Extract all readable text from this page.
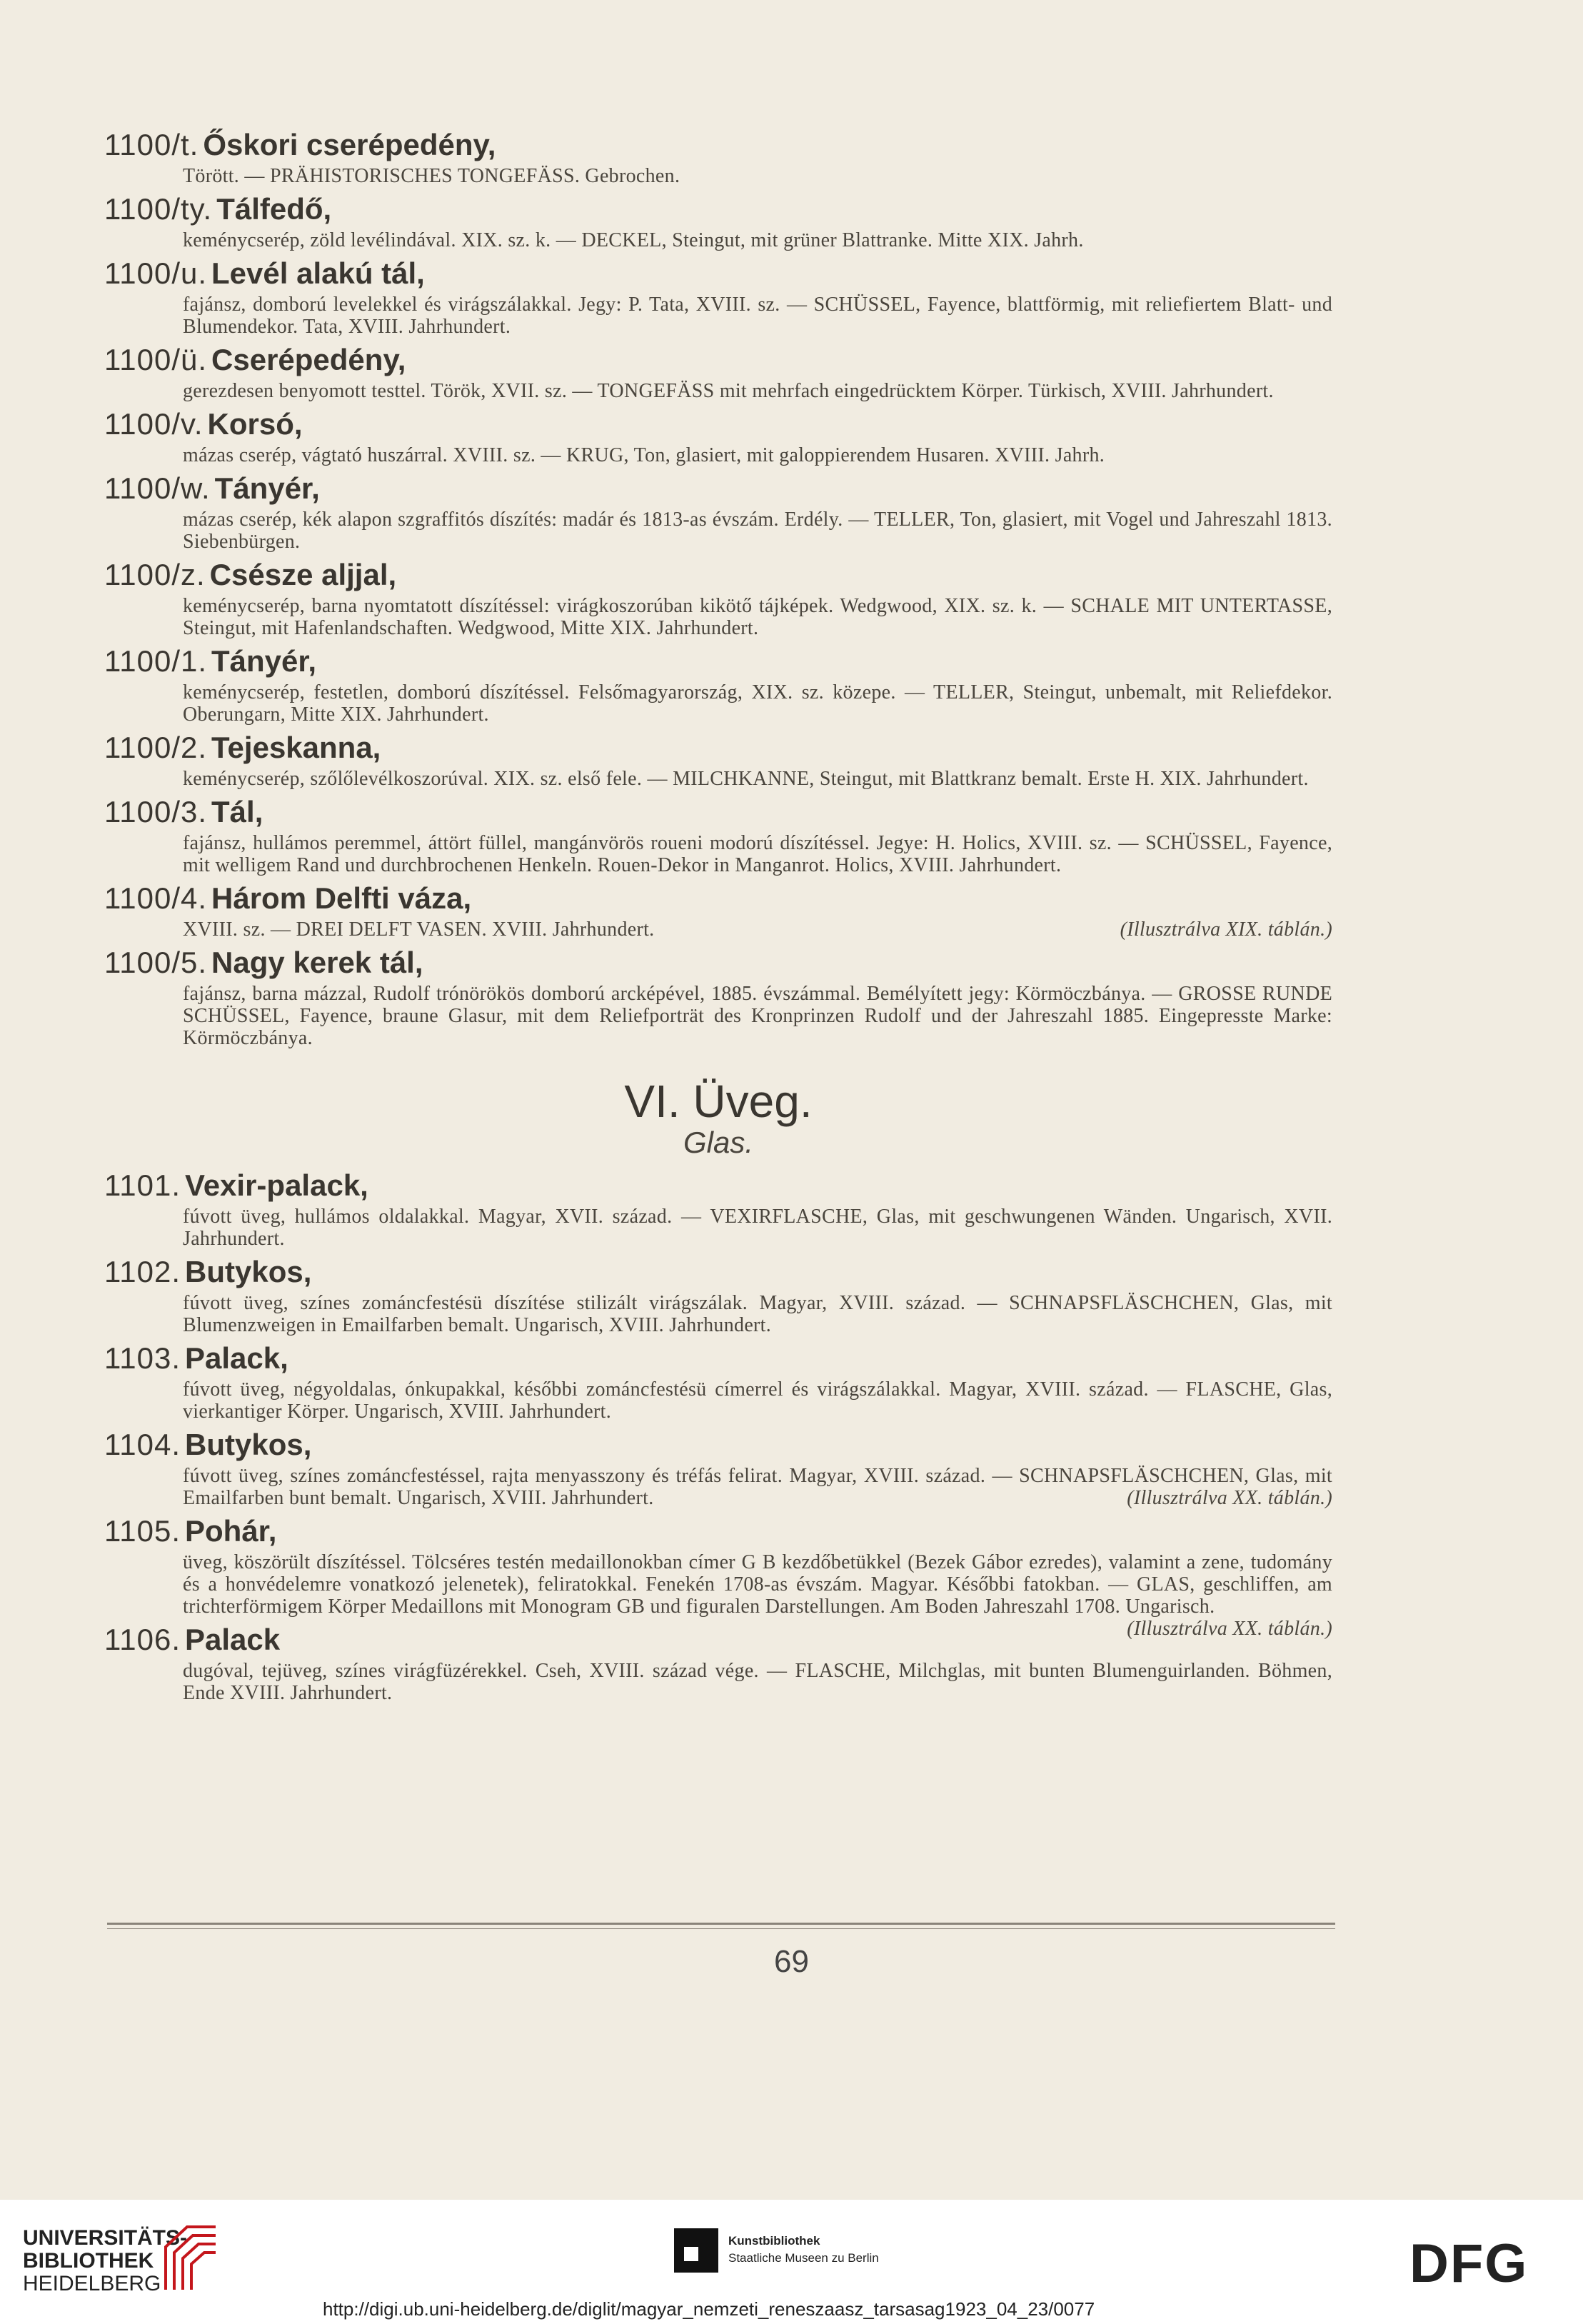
1100/t. Őskori cserépedény,
Törött. — PRÄHISTORISCHES TONGEFÄSS. Gebrochen.
1100/ty. Tálfedő,
keménycserép, zöld levélindával. XIX. sz. k. — DECKEL, Steingut, mit grüner Blattranke. Mitte XIX. Jahrh.
1100/u. Levél alakú tál,
fajánsz, domború levelekkel és virágszálakkal. Jegy: P. Tata, XVIII. sz. — SCHÜSSEL, Fayence, blattförmig, mit reliefiertem Blatt- und Blumendekor. Tata, XVIII. Jahrhundert.
1100/ü. Cserépedény,
gerezdesen benyomott testtel. Török, XVII. sz. — TONGEFÄSS mit mehrfach eingedrücktem Körper. Türkisch, XVIII. Jahrhundert.
1100/v. Korsó,
mázas cserép, vágtató huszárral. XVIII. sz. — KRUG, Ton, glasiert, mit galoppierendem Husaren. XVIII. Jahrh.
1100/w. Tányér,
mázas cserép, kék alapon szgraffitós díszítés: madár és 1813-as évszám. Erdély. — TELLER, Ton, glasiert, mit Vogel und Jahreszahl 1813. Siebenbürgen.
1100/z. Csésze aljjal,
keménycserép, barna nyomtatott díszítéssel: virágkoszorúban kikötő tájképek. Wedgwood, XIX. sz. k. — SCHALE MIT UNTERTASSE, Steingut, mit Hafenlandschaften. Wedgwood, Mitte XIX. Jahrhundert.
1100/1. Tányér,
keménycserép, festetlen, domború díszítéssel. Felsőmagyarország, XIX. sz. közepe. — TELLER, Steingut, unbemalt, mit Reliefdekor. Oberungarn, Mitte XIX. Jahrhundert.
1100/2. Tejeskanna,
keménycserép, szőlőlevélkoszorúval. XIX. sz. első fele. — MILCHKANNE, Steingut, mit Blattkranz bemalt. Erste H. XIX. Jahrhundert.
1100/3. Tál,
fajánsz, hullámos peremmel, áttört füllel, mangánvörös roueni modorú díszítéssel. Jegye: H. Holics, XVIII. sz. — SCHÜSSEL, Fayence, mit welligem Rand und durchbrochenen Henkeln. Rouen-Dekor in Manganrot. Holics, XVIII. Jahrhundert.
1100/4. Három Delfti váza,
XVIII. sz. — DREI DELFT VASEN. XVIII. Jahrhundert.	(Illusztrálva XIX. táblán.)
1100/5. Nagy kerek tál,
fajánsz, barna mázzal, Rudolf trónörökös domború arcképével, 1885. évszámmal. Bemélyített jegy: Körmöczbánya. — GROSSE RUNDE SCHÜSSEL, Fayence, braune Glasur, mit dem Reliefporträt des Kronprinzen Rudolf und der Jahreszahl 1885. Eingepresste Marke: Körmöczbánya.
VI. Üveg.
Glas.
1101. Vexir-palack,
fúvott üveg, hullámos oldalakkal. Magyar, XVII. század. — VEXIRFLASCHE, Glas, mit geschwungenen Wänden. Ungarisch, XVII. Jahrhundert.
1102. Butykos,
fúvott üveg, színes zománcfestésü díszítése stilizált virágszálak. Magyar, XVIII. század. — SCHNAPSFLÄSCHCHEN, Glas, mit Blumenzweigen in Emailfarben bemalt. Ungarisch, XVIII. Jahrhundert.
1103. Palack,
fúvott üveg, négyoldalas, ónkupakkal, későbbi zománcfestésü címerrel és virágszálakkal. Magyar, XVIII. század. — FLASCHE, Glas, vierkantiger Körper. Ungarisch, XVIII. Jahrhundert.
1104. Butykos,
fúvott üveg, színes zománcfestéssel, rajta menyasszony és tréfás felirat. Magyar, XVIII. század. — SCHNAPSFLÄSCHCHEN, Glas, mit Emailfarben bunt bemalt. Ungarisch, XVIII. Jahrhundert.	(Illusztrálva XX. táblán.)
1105. Pohár,
üveg, köszörült díszítéssel. Tölcséres testén medaillonokban címer G B kezdőbetükkel (Bezek Gábor ezredes), valamint a zene, tudomány és a honvédelemre vonatkozó jelenetek), feliratokkal. Fenekén 1708-as évszám. Magyar. Későbbi fatokban. — GLAS, geschliffen, am trichterförmigem Körper Medaillons mit Monogram GB und figuralen Darstellungen. Am Boden Jahreszahl 1708. Ungarisch.
(Illusztrálva XX. táblán.)
1106. Palack
dugóval, tejüveg, színes virágfüzérekkel. Cseh, XVIII. század vége. — FLASCHE, Milchglas, mit bunten Blumenguirlanden. Böhmen, Ende XVIII. Jahrhundert.
69
UNIVERSITÄTS-
BIBLIOTHEK
HEIDELBERG
Kunstbibliothek
Staatliche Museen zu Berlin	DFG
http://digi.ub.uni-heidelberg.de/diglit/magyar_nemzeti_reneszaasz_tarsasag1923_04_23/0077
